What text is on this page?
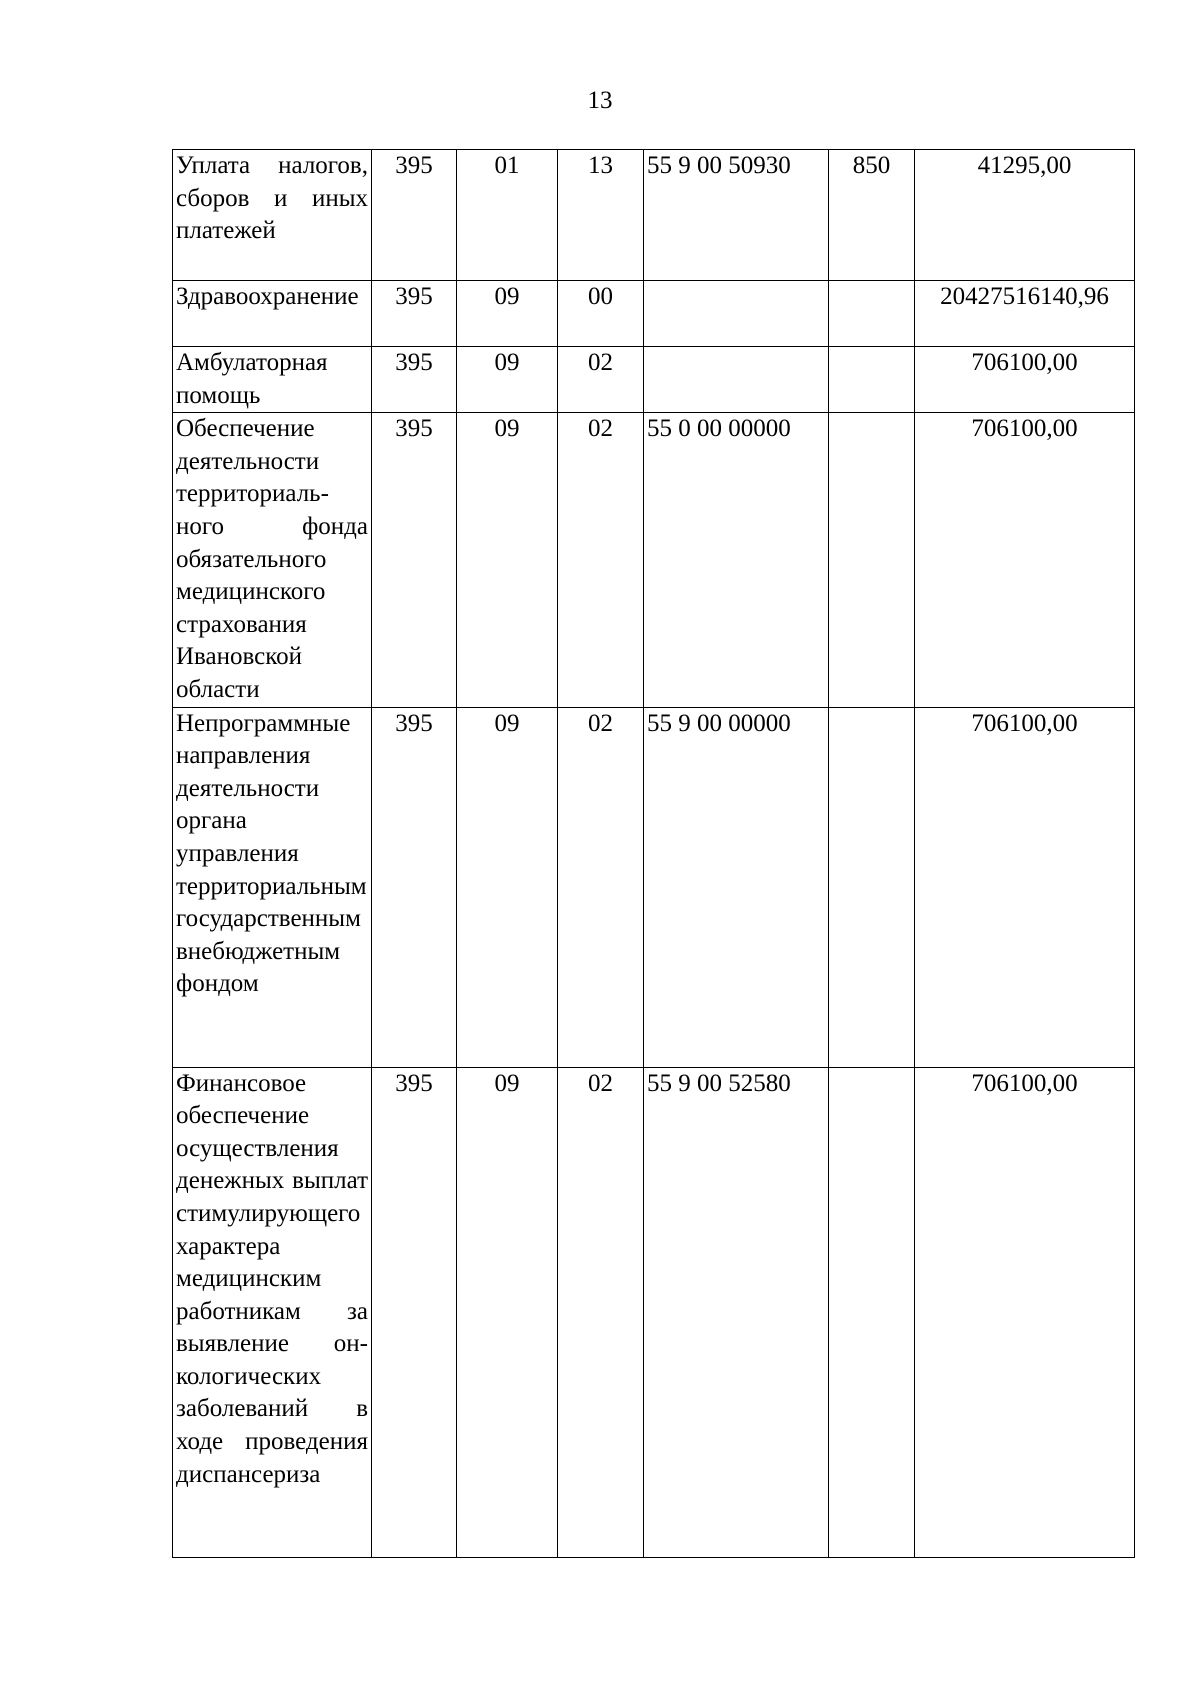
13
Уплата налогов, сборов и иных платежей	395	01	13	55 9 00 50930	850	41295,00
Здравоохранение	395	09	00			20427516140,96
Амбулаторная помощь	395	09	02			706100,00
Обеспечение деятельности территориального фонда обязательного медицинского страхования Ивановской области	395	09	02	55 0 00 00000		706100,00
Непрограммные направления деятельности органа управления территориальным государственным внебюджетным фондом	395	09	02	55 9 00 00000		706100,00
Финансовое обеспечение осуществления денежных выплат стимулирующего характера медицинским работникам за выявление онкологических заболеваний в ходе проведения диспансериза	395	09	02	55 9 00 52580		706100,00
